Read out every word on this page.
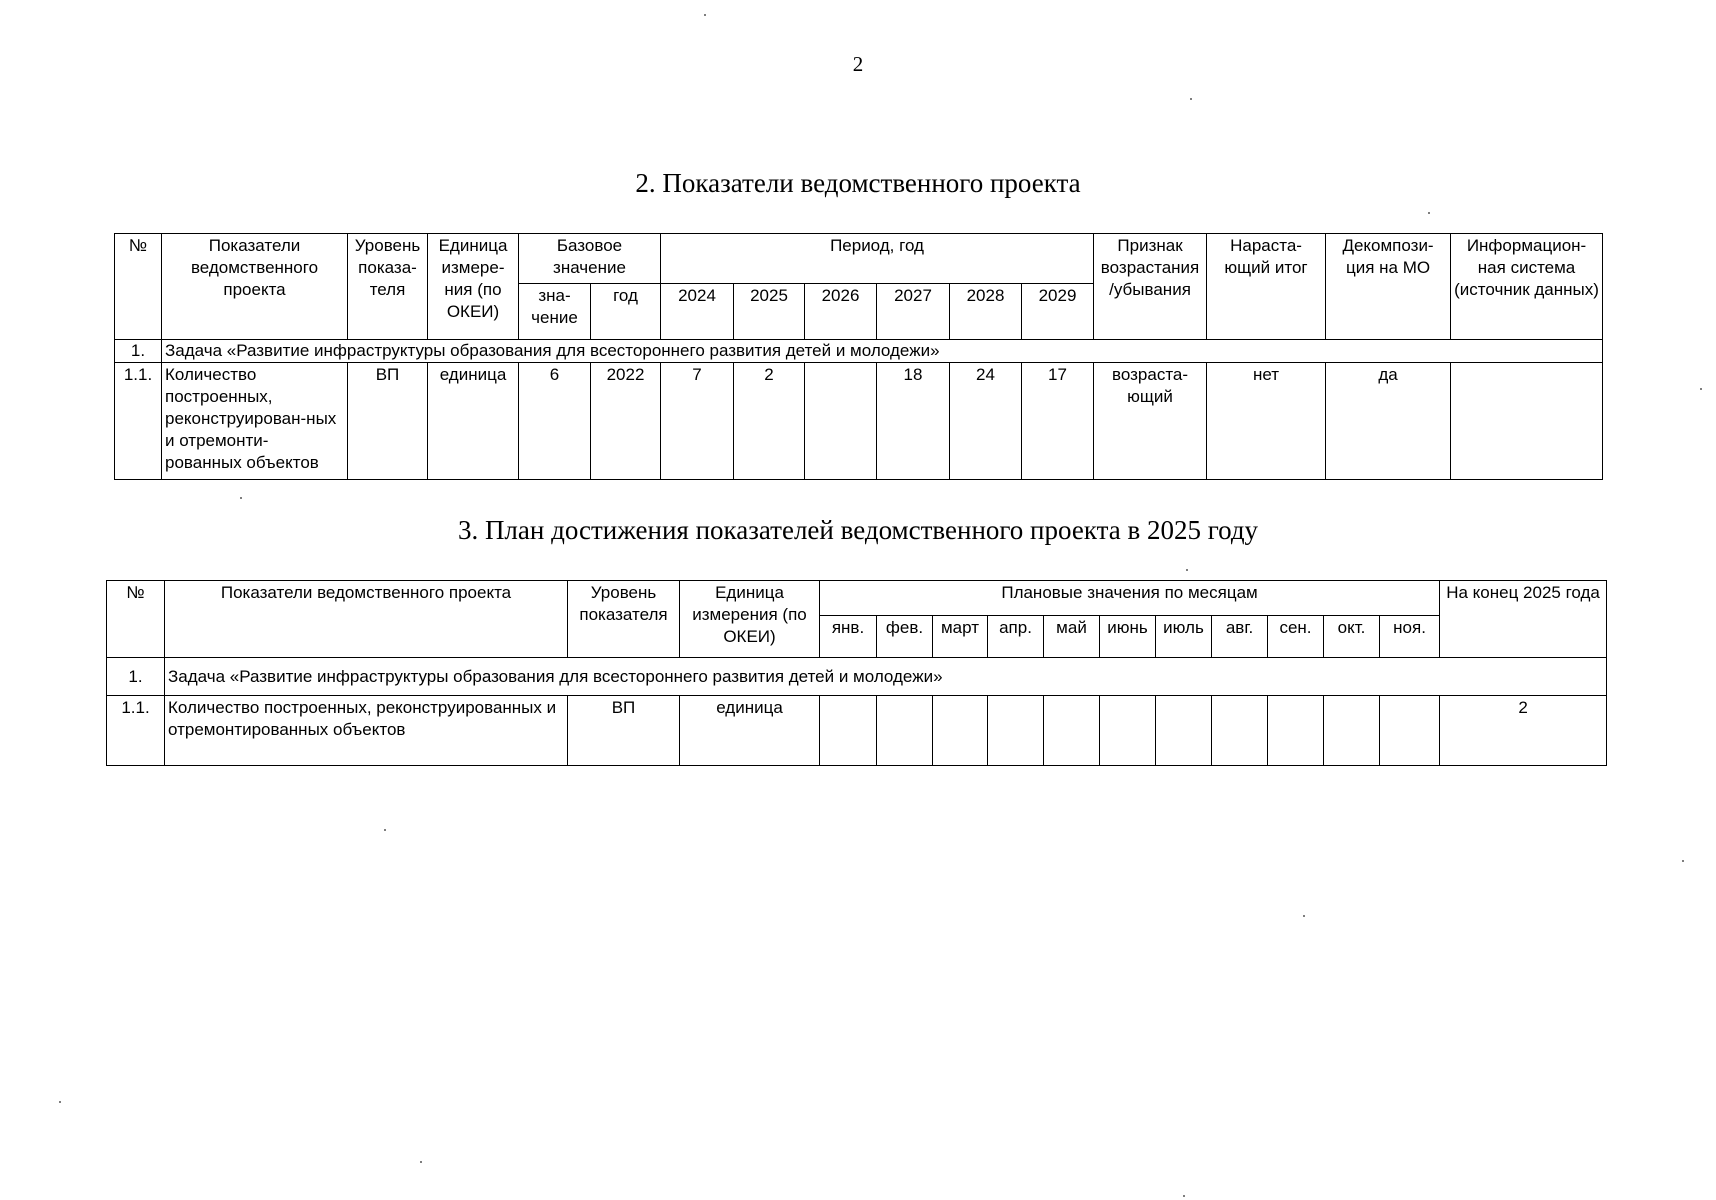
2
2. Показатели ведомственного проекта
№	Показатели ведомственного проекта	Уровень показа-теля	Единица измере-ния (по ОКЕИ)	Базовое значение		Период, год						Признак возрастания /убывания	Нараста-ющий итог	Декомпози-ция на МО	Информацион-ная система (источник данных)
				зна-чение	год	2024	2025	2026	2027	2028	2029				
1.	Задача «Развитие инфраструктуры образования для всестороннего развития детей и молодежи»														
1.1.	Количество построенных, реконструирован-ных и отремонти-рованных объектов	ВП	единица	6	2022	7	2		18	24	17	возраста-ющий	нет	да	
3. План достижения показателей ведомственного проекта в 2025 году
№	Показатели ведомственного проекта	Уровень показателя	Единица измерения (по ОКЕИ)	Плановые значения по месяцам											На конец 2025 года
				янв.	фев.	март	апр.	май	июнь	июль	авг.	сен.	окт.	ноя.	
1.	Задача «Развитие инфраструктуры образования для всестороннего развития детей и молодежи»														
1.1.	Количество построенных, реконструированных и отремонтированных объектов	ВП	единица												2
